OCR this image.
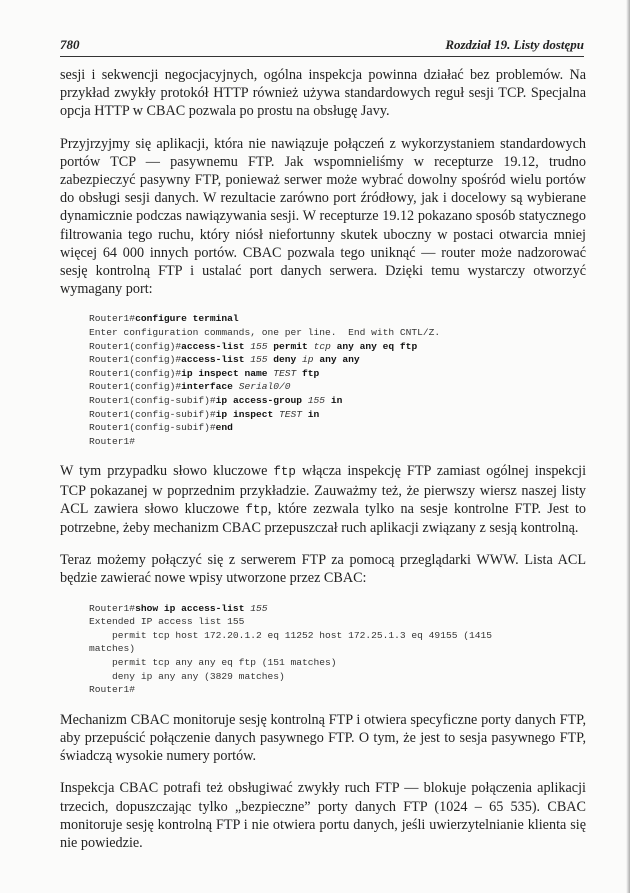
780	Rozdział 19. Listy dostępu

sesji i sekwencji negocjacyjnych, ogólna inspekcja powinna działać bez problemów. Na przykład zwykły protokół HTTP również używa standardowych reguł sesji TCP. Specjalna opcja HTTP w CBAC pozwala po prostu na obsługę Javy.

Przyjrzyjmy się aplikacji, która nie nawiązuje połączeń z wykorzystaniem standardowych portów TCP — pasywnemu FTP. Jak wspomnieliśmy w recepturze 19.12, trudno zabezpieczyć pasywny FTP, ponieważ serwer może wybrać dowolny spośród wielu portów do obsługi sesji danych. W rezultacie zarówno port źródłowy, jak i docelowy są wybierane dynamicznie podczas nawiązywania sesji. W recepturze 19.12 pokazano sposób statycznego filtrowania tego ruchu, który niósł niefortunny skutek uboczny w postaci otwarcia mniej więcej 64 000 innych portów. CBAC pozwala tego uniknąć — router może nadzorować sesję kontrolną FTP i ustalać port danych serwera. Dzięki temu wystarczy otworzyć wymagany port:

Router1#configure terminal
Enter configuration commands, one per line.  End with CNTL/Z.
Router1(config)#access-list 155 permit tcp any any eq ftp
Router1(config)#access-list 155 deny ip any any
Router1(config)#ip inspect name TEST ftp
Router1(config)#interface Serial0/0
Router1(config-subif)#ip access-group 155 in
Router1(config-subif)#ip inspect TEST in
Router1(config-subif)#end
Router1#

W tym przypadku słowo kluczowe ftp włącza inspekcję FTP zamiast ogólnej inspekcji TCP pokazanej w poprzednim przykładzie. Zauważmy też, że pierwszy wiersz naszej listy ACL zawiera słowo kluczowe ftp, które zezwala tylko na sesje kontrolne FTP. Jest to potrzebne, żeby mechanizm CBAC przepuszczał ruch aplikacji związany z sesją kontrolną.

Teraz możemy połączyć się z serwerem FTP za pomocą przeglądarki WWW. Lista ACL będzie zawierać nowe wpisy utworzone przez CBAC:

Router1#show ip access-list 155
Extended IP access list 155
permit tcp host 172.20.1.2 eq 11252 host 172.25.1.3 eq 49155 (1415
matches)
permit tcp any any eq ftp (151 matches)
deny ip any any (3829 matches)
Router1#

Mechanizm CBAC monitoruje sesję kontrolną FTP i otwiera specyficzne porty danych FTP, aby przepuścić połączenie danych pasywnego FTP. O tym, że jest to sesja pasywnego FTP, świadczą wysokie numery portów.

Inspekcja CBAC potrafi też obsługiwać zwykły ruch FTP — blokuje połączenia aplikacji trzecich, dopuszczając tylko „bezpieczne” porty danych FTP (1024 – 65 535). CBAC monitoruje sesję kontrolną FTP i nie otwiera portu danych, jeśli uwierzytelnianie klienta się nie powiedzie.
